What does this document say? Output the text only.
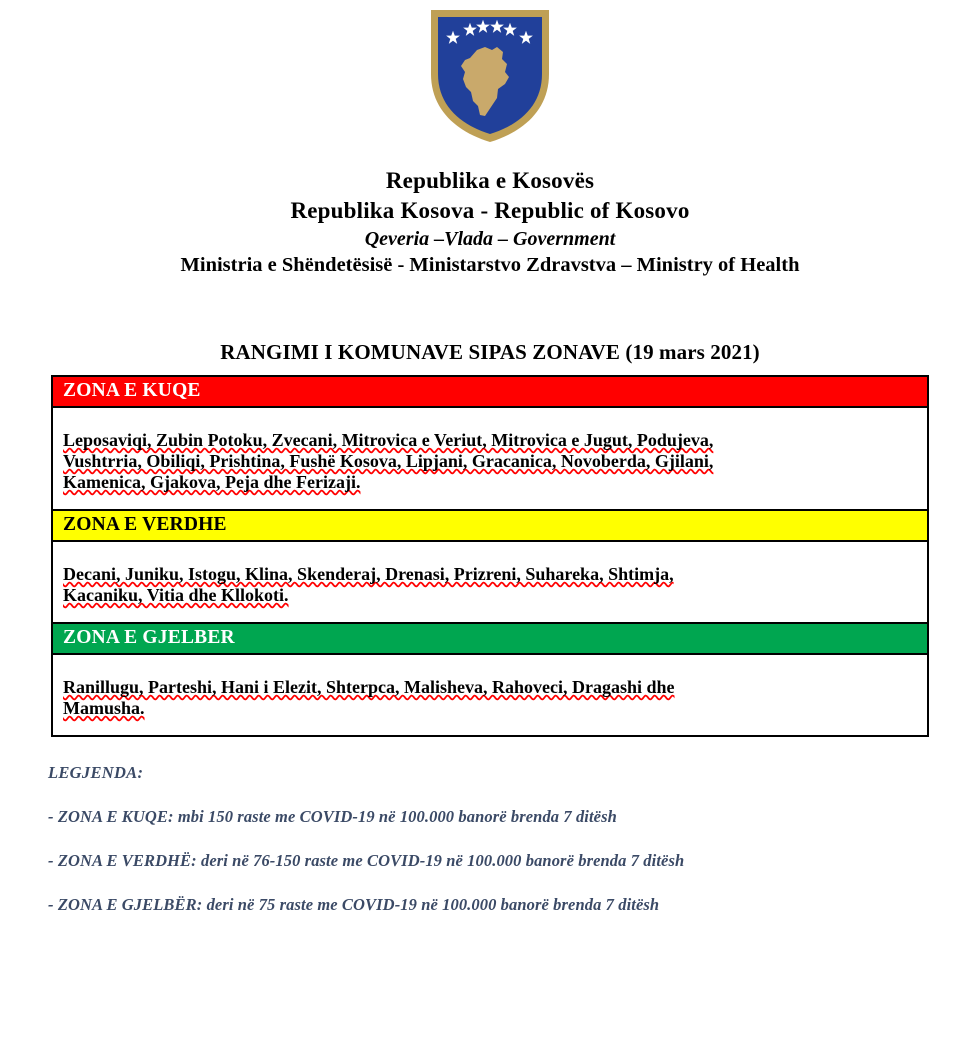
Republika e Kosovës
Republika Kosova - Republic of Kosovo
Qeveria –Vlada – Government
Ministria e Shëndetësisë - Ministarstvo Zdravstva – Ministry of Health
RANGIMI I KOMUNAVE SIPAS ZONAVE (19 mars 2021)
ZONA E KUQE

Leposaviqi, Zubin Potoku, Zvecani, Mitrovica e Veriut, Mitrovica e Jugut, Podujeva,
Vushtrria, Obiliqi, Prishtina, Fushë Kosova, Lipjani, Gracanica, Novoberda, Gjilani,
Kamenica, Gjakova, Peja dhe Ferizaji.

ZONA E VERDHE

Decani, Juniku, Istogu, Klina, Skenderaj, Drenasi, Prizreni, Suhareka, Shtimja,
Kacaniku, Vitia dhe Kllokoti.

ZONA E GJELBER

Ranillugu, Parteshi, Hani i Elezit, Shterpca, Malisheva, Rahoveci, Dragashi dhe
Mamusha.
LEGJENDA:
- ZONA E KUQE: mbi 150 raste me COVID-19 në 100.000 banorë brenda 7 ditësh
- ZONA E VERDHË: deri në 76-150 raste me COVID-19 në 100.000 banorë brenda 7 ditësh
- ZONA E GJELBËR: deri në 75 raste me COVID-19 në 100.000 banorë brenda 7 ditësh
